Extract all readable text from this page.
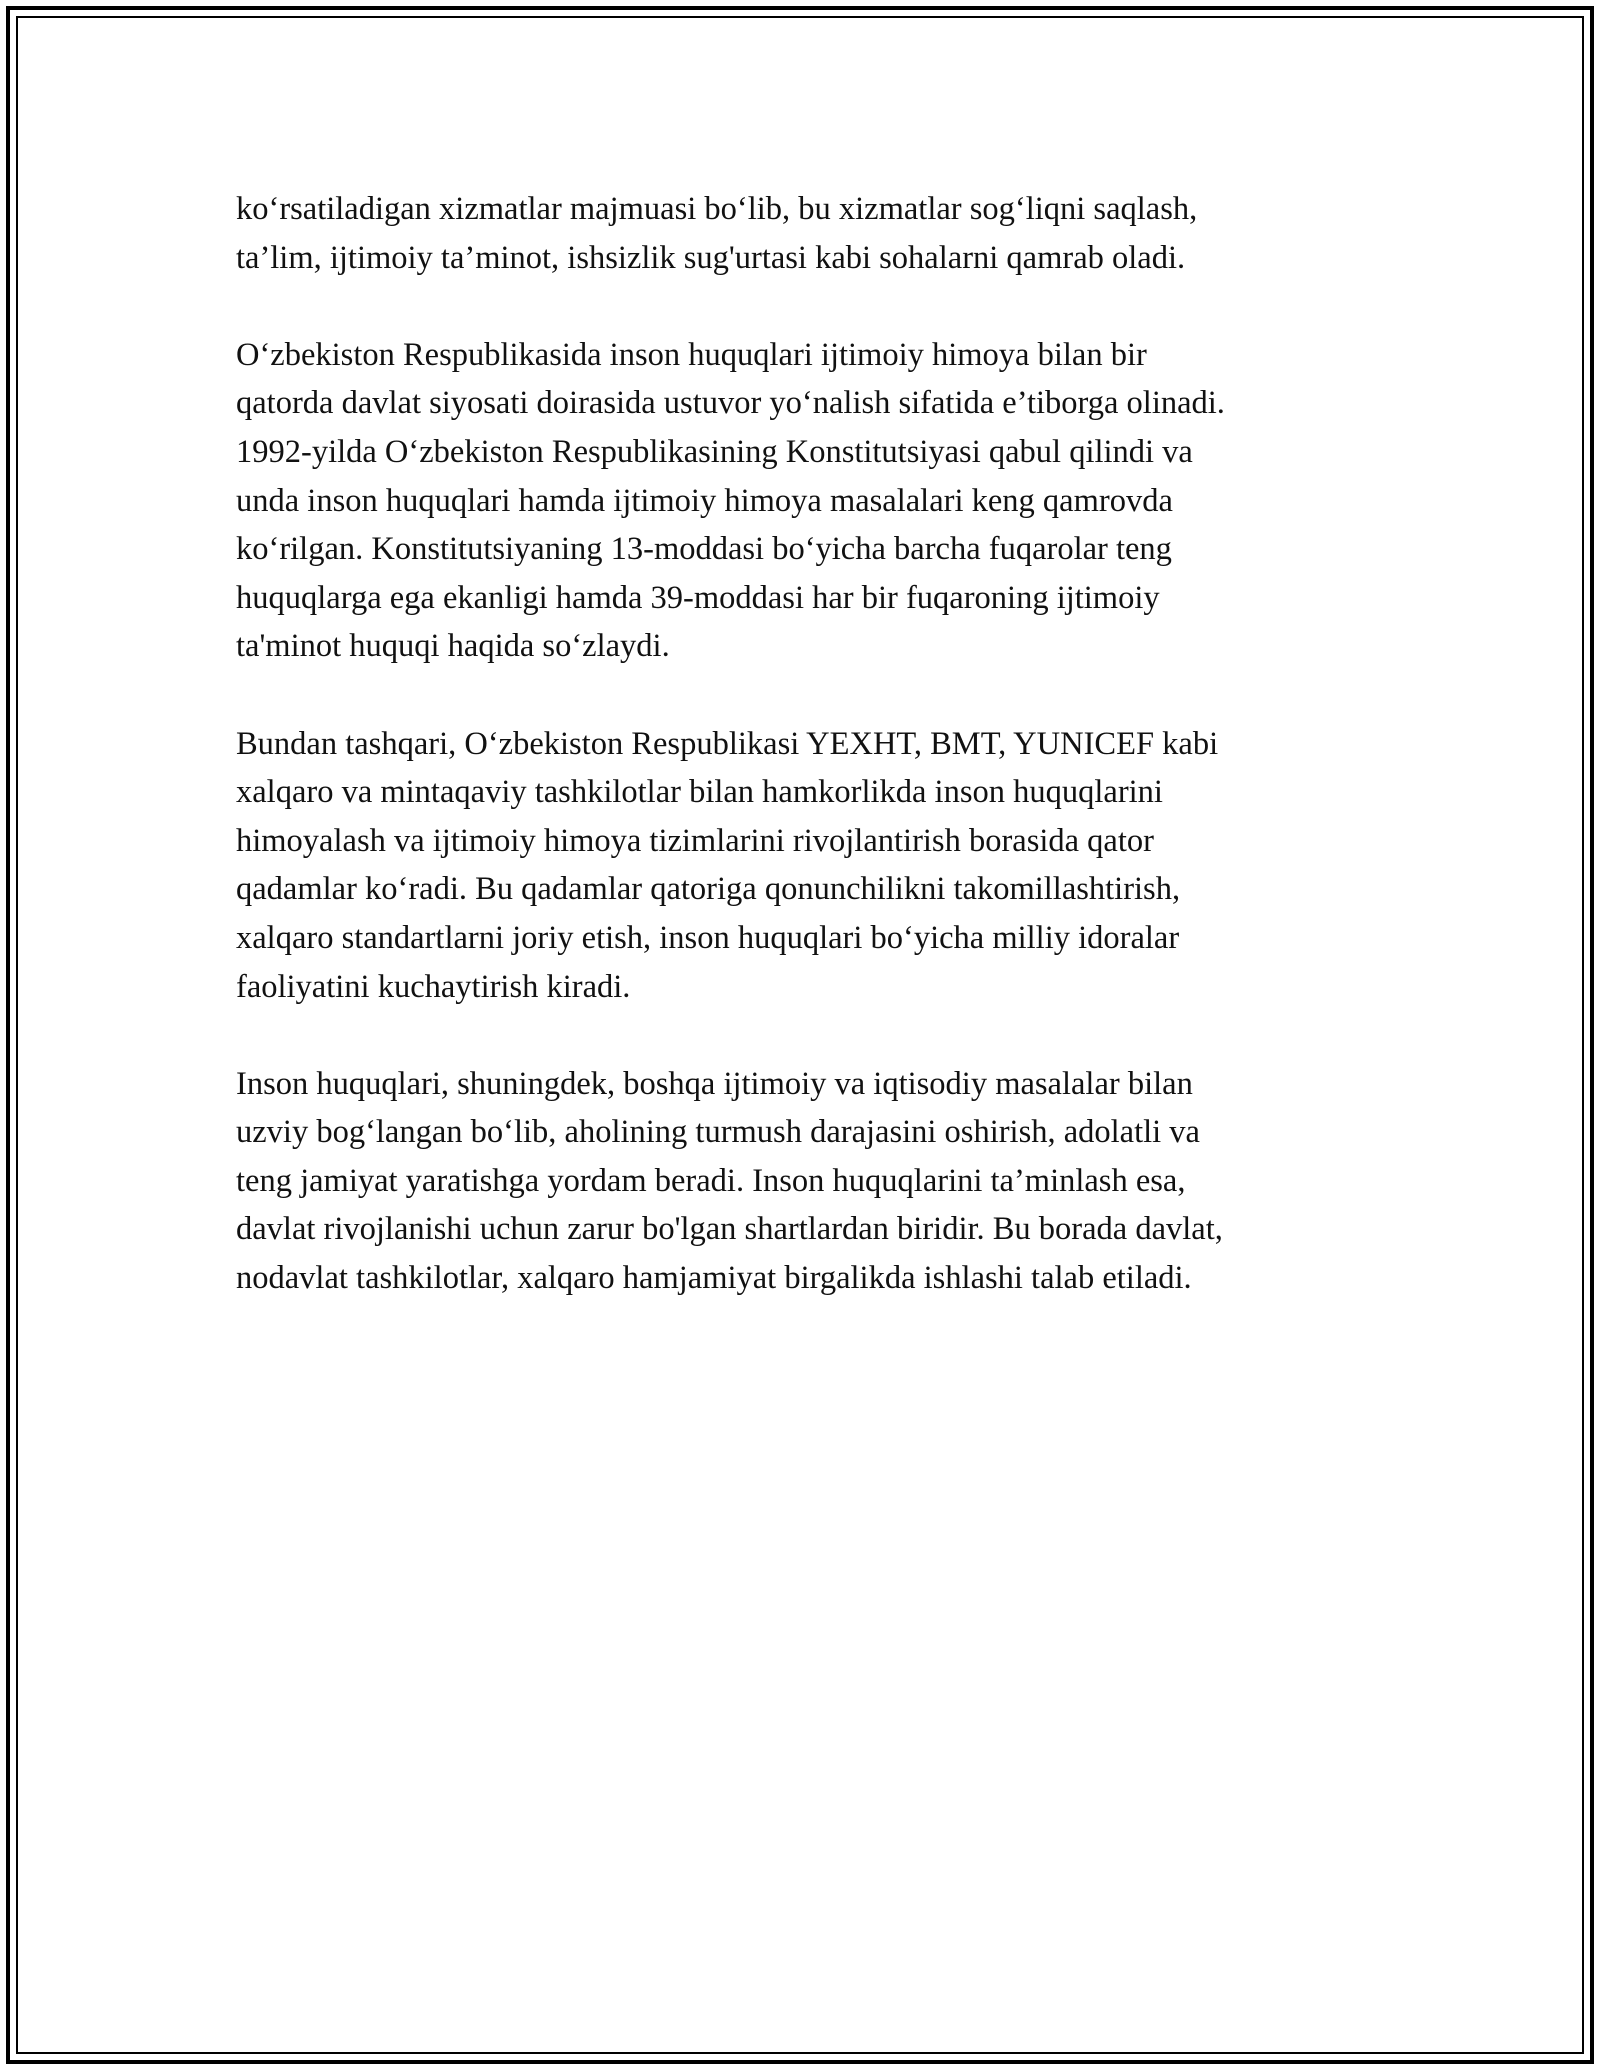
ko‘rsatiladigan xizmatlar majmuasi bo‘lib, bu xizmatlar sog‘liqni saqlash,
ta’lim, ijtimoiy ta’minot, ishsizlik sug'urtasi kabi sohalarni qamrab oladi.

O‘zbekiston Respublikasida inson huquqlari ijtimoiy himoya bilan bir
qatorda davlat siyosati doirasida ustuvor yo‘nalish sifatida e’tiborga olinadi.
1992-yilda O‘zbekiston Respublikasining Konstitutsiyasi qabul qilindi va
unda inson huquqlari hamda ijtimoiy himoya masalalari keng qamrovda
ko‘rilgan. Konstitutsiyaning 13-moddasi bo‘yicha barcha fuqarolar teng
huquqlarga ega ekanligi hamda 39-moddasi har bir fuqaroning ijtimoiy
ta'minot huquqi haqida so‘zlaydi.

Bundan tashqari, O‘zbekiston Respublikasi YEXHT, BMT, YUNICEF kabi
xalqaro va mintaqaviy tashkilotlar bilan hamkorlikda inson huquqlarini
himoyalash va ijtimoiy himoya tizimlarini rivojlantirish borasida qator
qadamlar ko‘radi. Bu qadamlar qatoriga qonunchilikni takomillashtirish,
xalqaro standartlarni joriy etish, inson huquqlari bo‘yicha milliy idoralar
faoliyatini kuchaytirish kiradi.

Inson huquqlari, shuningdek, boshqa ijtimoiy va iqtisodiy masalalar bilan
uzviy bog‘langan bo‘lib, aholining turmush darajasini oshirish, adolatli va
teng jamiyat yaratishga yordam beradi. Inson huquqlarini ta’minlash esa,
davlat rivojlanishi uchun zarur bo'lgan shartlardan biridir. Bu borada davlat,
nodavlat tashkilotlar, xalqaro hamjamiyat birgalikda ishlashi talab etiladi.
